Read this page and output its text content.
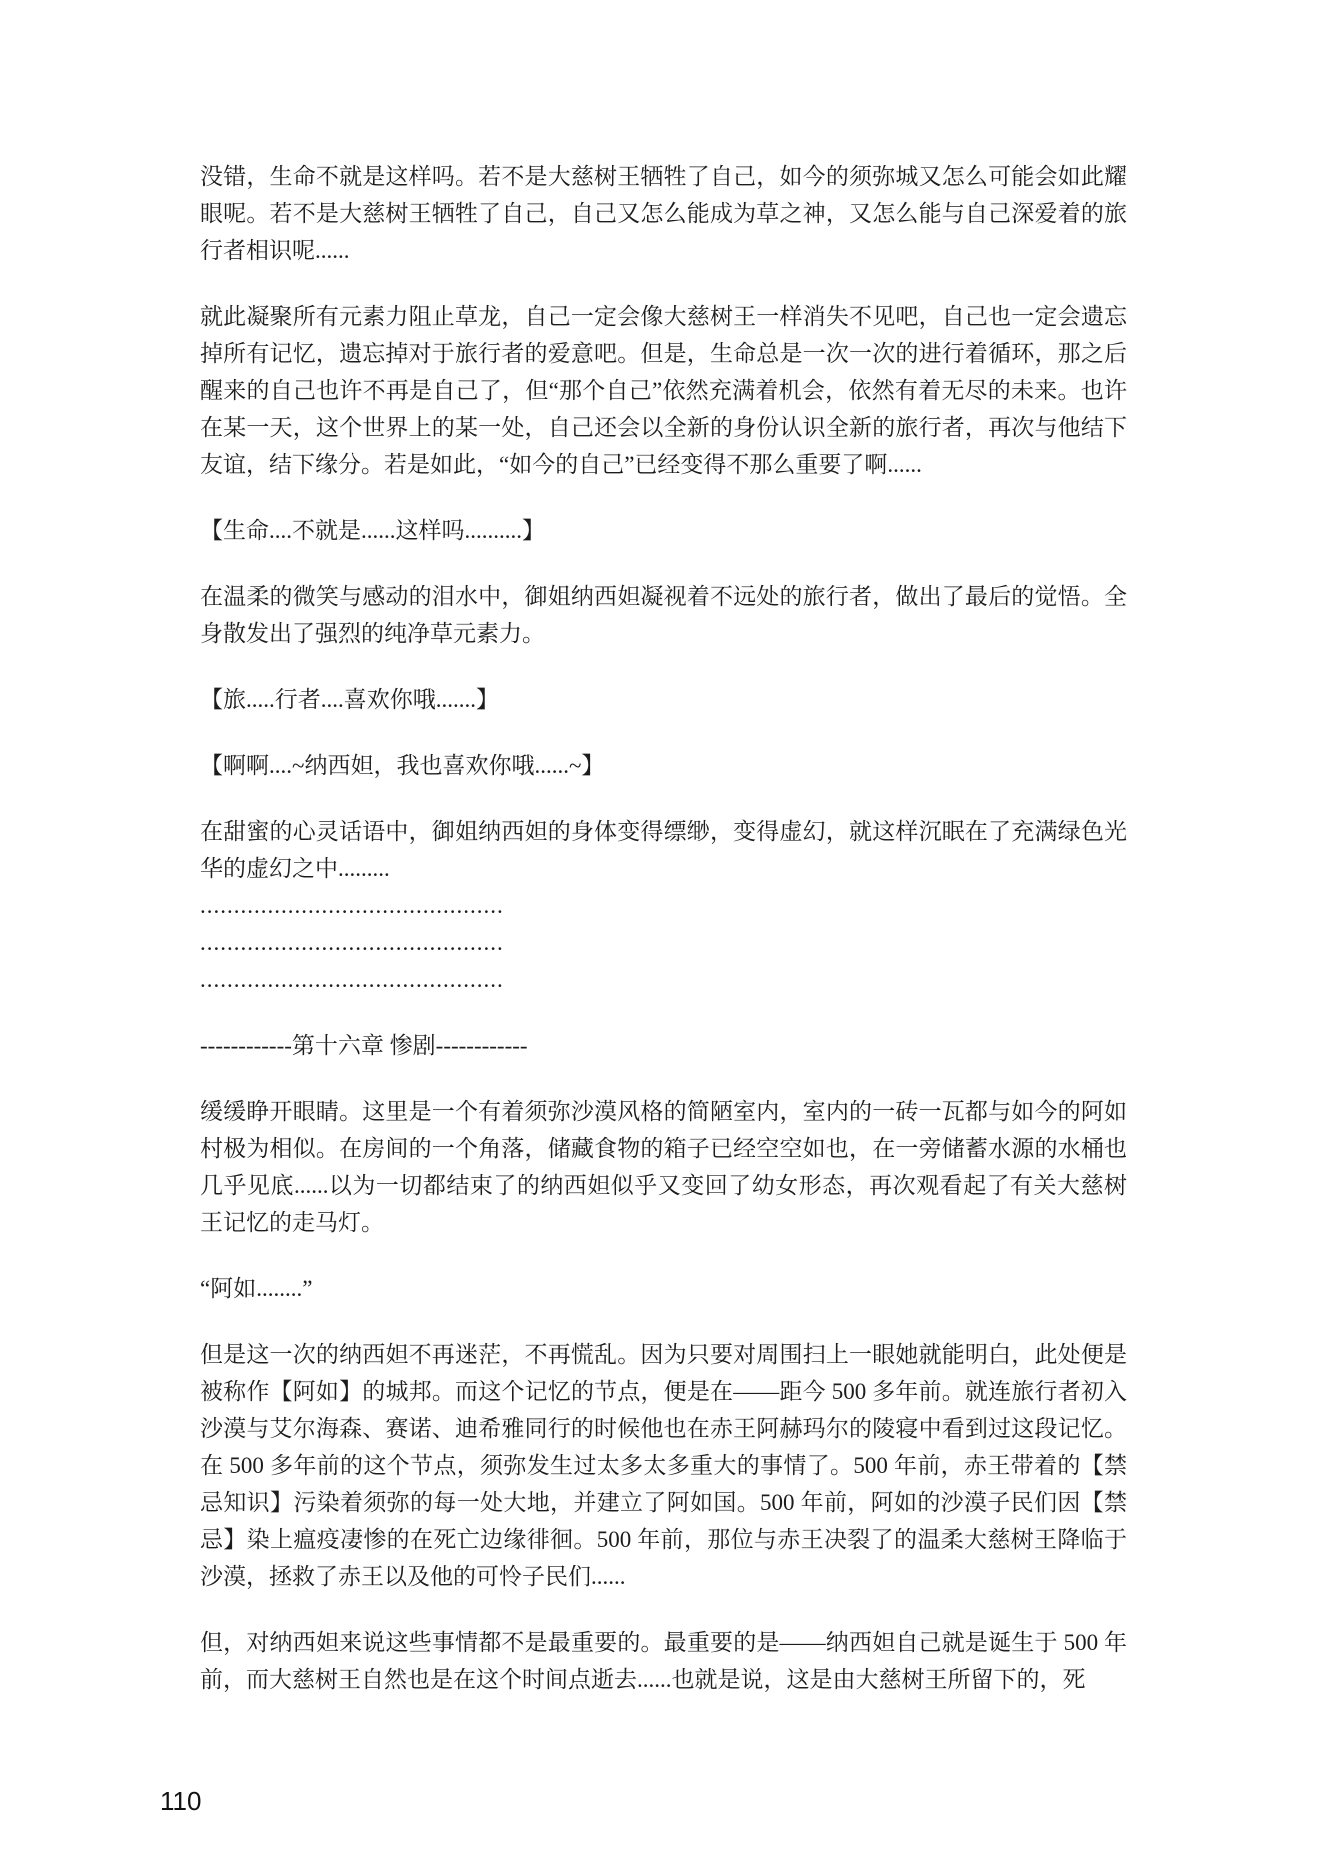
没错，生命不就是这样吗。若不是大慈树王牺牲了自己，如今的须弥城又怎么可能会如此耀眼呢。若不是大慈树王牺牲了自己，自己又怎么能成为草之神，又怎么能与自己深爱着的旅行者相识呢......

就此凝聚所有元素力阻止草龙，自己一定会像大慈树王一样消失不见吧，自己也一定会遗忘掉所有记忆，遗忘掉对于旅行者的爱意吧。但是，生命总是一次一次的进行着循环，那之后醒来的自己也许不再是自己了，但“那个自己”依然充满着机会，依然有着无尽的未来。也许在某一天，这个世界上的某一处，自己还会以全新的身份认识全新的旅行者，再次与他结下友谊，结下缘分。若是如此，“如今的自己”已经变得不那么重要了啊......

【生命....不就是......这样吗..........】

在温柔的微笑与感动的泪水中，御姐纳西妲凝视着不远处的旅行者，做出了最后的觉悟。全身散发出了强烈的纯净草元素力。

【旅.....行者....喜欢你哦.......】

【啊啊....~纳西妲，我也喜欢你哦......~】

在甜蜜的心灵话语中，御姐纳西妲的身体变得缥缈，变得虚幻，就这样沉眠在了充满绿色光华的虚幻之中.........

.............................................

.............................................

.............................................

------------第十六章 惨剧------------

缓缓睁开眼睛。这里是一个有着须弥沙漠风格的简陋室内，室内的一砖一瓦都与如今的阿如村极为相似。在房间的一个角落，储藏食物的箱子已经空空如也，在一旁储蓄水源的水桶也几乎见底......以为一切都结束了的纳西妲似乎又变回了幼女形态，再次观看起了有关大慈树王记忆的走马灯。

“阿如........”

但是这一次的纳西妲不再迷茫，不再慌乱。因为只要对周围扫上一眼她就能明白，此处便是被称作【阿如】的城邦。而这个记忆的节点，便是在——距今 500 多年前。就连旅行者初入沙漠与艾尔海森、赛诺、迪希雅同行的时候他也在赤王阿赫玛尔的陵寝中看到过这段记忆。在 500 多年前的这个节点，须弥发生过太多太多重大的事情了。500 年前，赤王带着的【禁忌知识】污染着须弥的每一处大地，并建立了阿如国。500 年前，阿如的沙漠子民们因【禁忌】染上瘟疫凄惨的在死亡边缘徘徊。500 年前，那位与赤王决裂了的温柔大慈树王降临于沙漠，拯救了赤王以及他的可怜子民们......

但，对纳西妲来说这些事情都不是最重要的。最重要的是——纳西妲自己就是诞生于 500 年前，而大慈树王自然也是在这个时间点逝去......也就是说，这是由大慈树王所留下的，死

110
